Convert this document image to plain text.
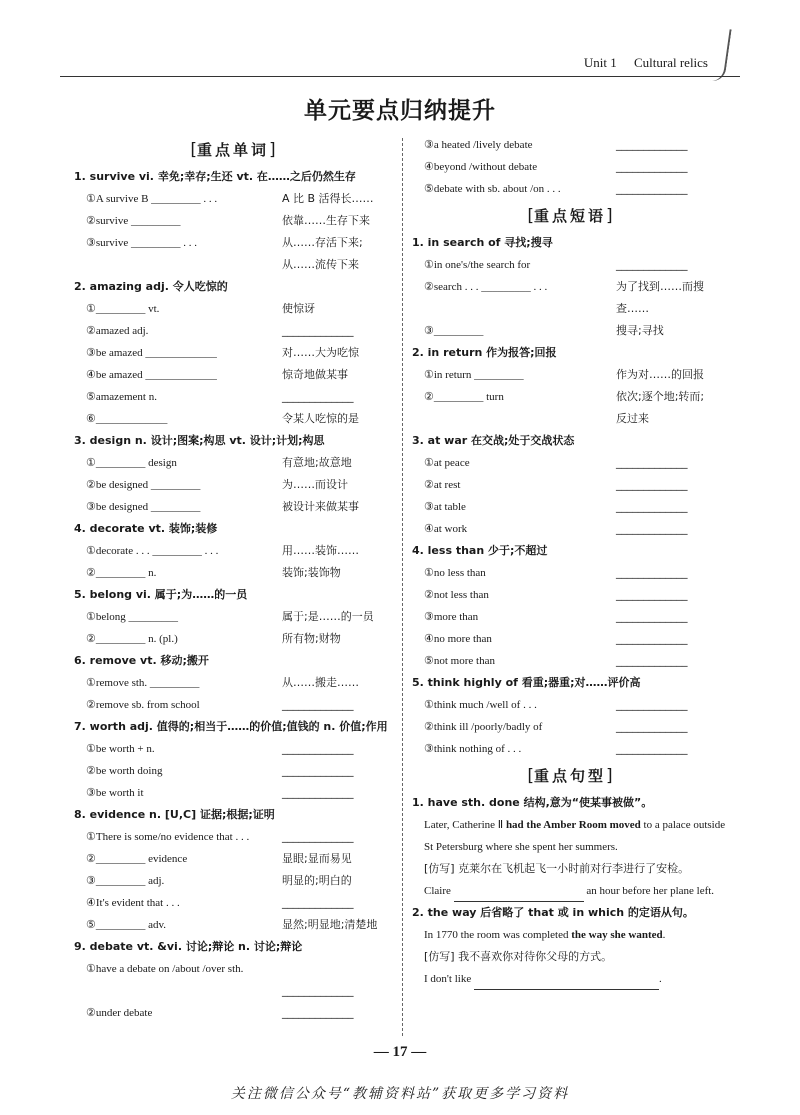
Unit 1 Cultural relics
单元要点归纳提升
[重点单词]
1. survive vi. 幸免;幸存;生还 vt. 在……之后仍然生存
①A survive B _________ . . .	A 比 B 活得长……
②survive _________	依靠……生存下来
③survive _________ . . .	从……存活下来;
从……流传下来
2. amazing adj. 令人吃惊的
①_________ vt.	使惊讶
②amazed adj.	_____________
③be amazed _____________	对……大为吃惊
④be amazed _____________	惊奇地做某事
⑤amazement n.	_____________
⑥_____________	令某人吃惊的是
3. design n. 设计;图案;构思 vt. 设计;计划;构思
①_________ design	有意地;故意地
②be designed _________	为……而设计
③be designed _________	被设计来做某事
4. decorate vt. 装饰;装修
①decorate . . . _________ . . .	用……装饰……
②_________ n.	装饰;装饰物
5. belong vi. 属于;为……的一员
①belong _________	属于;是……的一员
②_________ n. (pl.)	所有物;财物
6. remove vt. 移动;搬开
①remove sth. _________	从……搬走……
②remove sb. from school	_____________
7. worth adj. 值得的;相当于……的价值;值钱的 n. 价值;作用
①be worth + n.	_____________
②be worth doing	_____________
③be worth it	_____________
8. evidence n. [U,C] 证据;根据;证明
①There is some/no evidence that . . .	_____________
②_________ evidence	显眼;显而易见
③_________ adj.	明显的;明白的
④It's evident that . . .	_____________
⑤_________ adv.	显然;明显地;清楚地
9. debate vt. &vi. 讨论;辩论 n. 讨论;辩论
①have a debate on /about /over sth.
_____________
②under debate	_____________
③a heated /lively debate	_____________
④beyond /without debate	_____________
⑤debate with sb. about /on . . .	_____________
[重点短语]
1. in search of 寻找;搜寻
①in one's/the search for	_____________
②search . . . _________ . . .	为了找到……而搜
查……
③_________	搜寻;寻找
2. in return 作为报答;回报
①in return _________	作为对……的回报
②_________ turn	依次;逐个地;转而;
反过来
3. at war 在交战;处于交战状态
①at peace	_____________
②at rest	_____________
③at table	_____________
④at work	_____________
4. less than 少于;不超过
①no less than	_____________
②not less than	_____________
③more than	_____________
④no more than	_____________
⑤not more than	_____________
5. think highly of 看重;器重;对……评价高
①think much /well of . . .	_____________
②think ill /poorly/badly of	_____________
③think nothing of . . .	_____________
[重点句型]
1. have sth. done 结构,意为“使某事被做”。
Later, Catherine Ⅱ had the Amber Room moved to a palace outside St Petersburg where she spent her summers.
[仿写] 克莱尔在飞机起飞一小时前对行李进行了安检。
Claire	an hour before her plane left.
2. the way 后省略了 that 或 in which 的定语从句。
In 1770 the room was completed the way she wanted.
[仿写] 我不喜欢你对待你父母的方式。
I don't like	.
— 17 —
关注微信公众号“教辅资料站”获取更多学习资料
